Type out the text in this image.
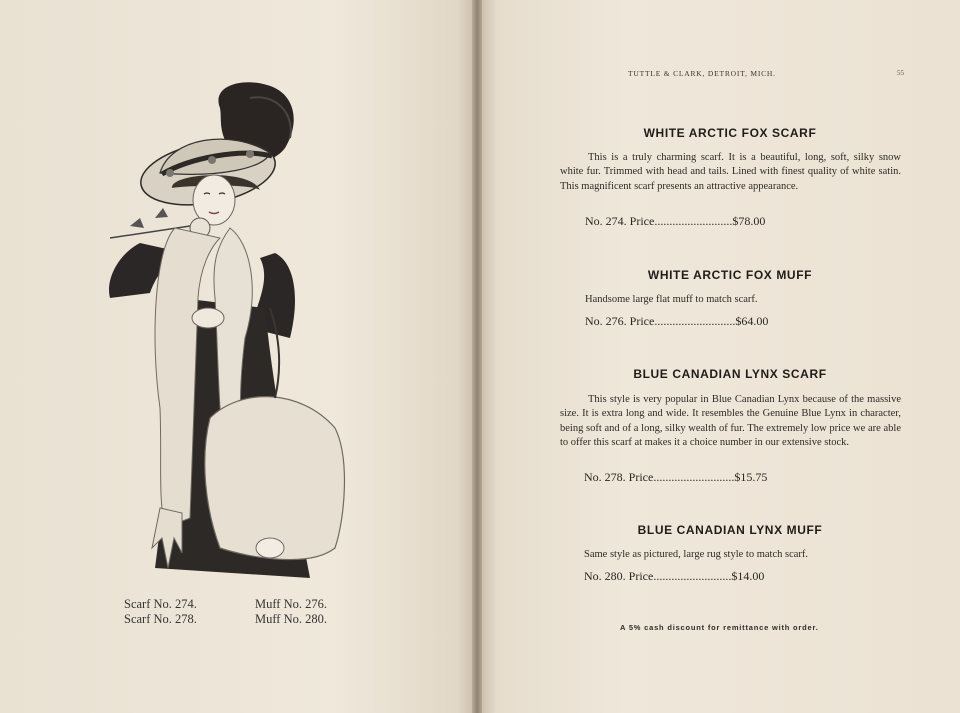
Scarf No. 274.
Scarf No. 278.
Muff No. 276.
Muff No. 280.
TUTTLE & CLARK, DETROIT, MICH.	55
WHITE ARCTIC FOX SCARF
This is a truly charming scarf. It is a beautiful, long, soft, silky snow white fur. Trimmed with head and tails. Lined with finest quality of white satin. This magnificent scarf presents an attractive appearance.
No. 274. Price..........................$78.00
WHITE ARCTIC FOX MUFF
Handsome large flat muff to match scarf.
No. 276. Price...........................$64.00
BLUE CANADIAN LYNX SCARF
This style is very popular in Blue Canadian Lynx because of the massive size. It is extra long and wide. It resembles the Genuine Blue Lynx in character, being soft and of a long, silky wealth of fur. The extremely low price we are able to offer this scarf at makes it a choice number in our extensive stock.
No. 278. Price...........................$15.75
BLUE CANADIAN LYNX MUFF
Same style as pictured, large rug style to match scarf.
No. 280. Price..........................$14.00
A 5% cash discount for remittance with order.
